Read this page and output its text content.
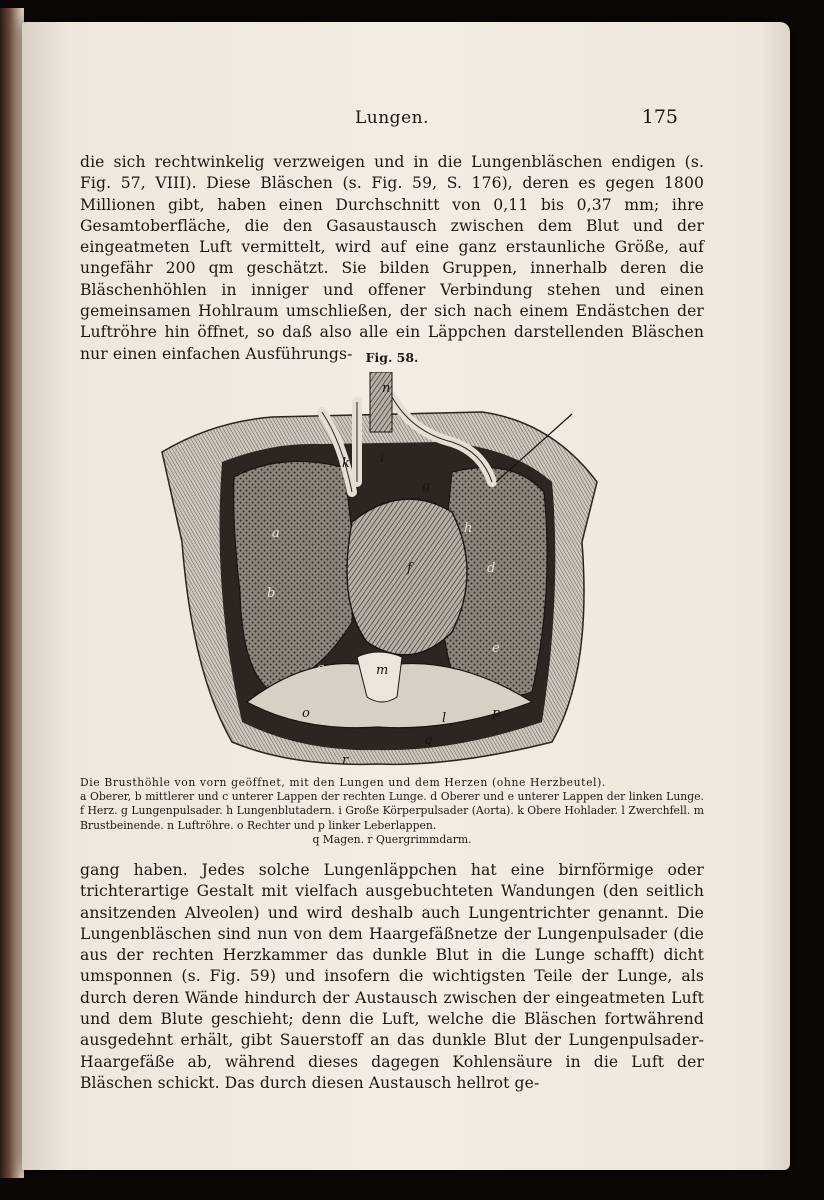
Lungen.	175
die sich rechtwinkelig verzweigen und in die Lungenbläschen endigen (s. Fig. 57, VIII). Diese Bläschen (s. Fig. 59, S. 176), deren es gegen 1800 Millionen gibt, haben einen Durchschnitt von 0,11 bis 0,37 mm; ihre Gesamtoberfläche, die den Gasaustausch zwischen dem Blut und der eingeatmeten Luft vermittelt, wird auf eine ganz erstaunliche Größe, auf ungefähr 200 qm geschätzt. Sie bilden Gruppen, innerhalb deren die Bläschenhöhlen in inniger und offener Verbindung stehen und einen gemeinsamen Hohlraum umschließen, der sich nach einem Endästchen der Luftröhre hin öffnet, so daß also alle ein Läppchen darstellenden Bläschen nur einen einfachen Ausführungs-	Fig. 58.
a
b
c
d
e
f
g
h
i
k
l
m
n
o	p
q
r

Die Brusthöhle von vorn geöffnet, mit den Lungen und dem Herzen (ohne Herzbeutel).

a Oberer, b mittlerer und c unterer Lappen der rechten Lunge. d Oberer und e unterer Lappen der linken Lunge. f Herz. g Lungenpulsader. h Lungenblutadern. i Große Körperpulsader (Aorta). k Obere Hohlader. l Zwerchfell. m Brustbeinende. n Luftröhre. o Rechter und p linker Leberlappen.

q Magen. r Quergrimmdarm.

gang haben. Jedes solche Lungenläppchen hat eine birnförmige oder trichterartige Gestalt mit vielfach ausgebuchteten Wandungen (den seitlich ansitzenden Alveolen) und wird deshalb auch Lungentrichter genannt. Die Lungenbläschen sind nun von dem Haargefäßnetze der Lungenpulsader (die aus der rechten Herzkammer das dunkle Blut in die Lunge schafft) dicht umsponnen (s. Fig. 59) und insofern die wichtigsten Teile der Lunge, als durch deren Wände hindurch der Austausch zwischen der eingeatmeten Luft und dem Blute geschieht; denn die Luft, welche die Bläschen fortwährend ausgedehnt erhält, gibt Sauerstoff an das dunkle Blut der Lungenpulsader-Haargefäße ab, während dieses dagegen Kohlensäure in die Luft der Bläschen schickt. Das durch diesen Austausch hellrot ge-
